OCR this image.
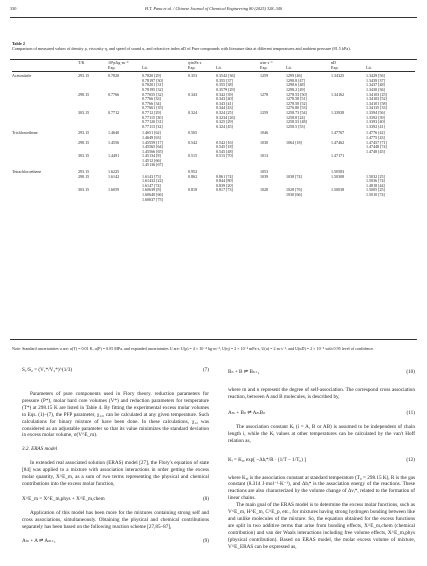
330	H.T. Pana et al. / Chinese Journal of Chemical Engineering 80 (2025) 328–340
Table 2
Comparison of measured values of density ρ, viscosity η, and speed of sound u, and refractive index nD of Pure compounds with literature data at different temperatures and ambient pressure (81.5 kPa).
	T/K	10³ρ/kg·m⁻³		η/mPa·s		u/m·s⁻¹		nD	
		Exp.	Lit.	Exp.	Lit.	Exp.	Lit.	Exp.	Lit.
Acetonitrile	293.15	0.7820	0.7820 [29]	0.353	0.3542 [36]	1259	1299 [46]	1.34325	1.3429 [56]
			0.78197 [30]		0.355 [37]		1298.8 [47]		1.3439 [37]
			0.78201 [31]		0.355 [38]		1298.6 [48]		1.3437 [48]
			0.78195 [32]		0.3579 [29]		1298.2 [49]		1.3430 [36]
	298.15	0.7766	0.77655 [32]	0.343	0.342 [39]	1278	1278.53 [50]	1.34162	1.34103 [25]
			0.7766 [33]		0.343 [40]		1278.58 [51]		1.34103 [52]
			0.7766 [34]		0.343 [41]		1278.50 [52]		1.34101 [58]
			0.77661 [35]		0.344 [43]		1276.80 [53]		1.34135 [33]
	303.15	0.7712	0.7712 [29]	0.324	0.324 [25]	1259	1258.73 [54]	1.33928	1.3394 [56]
			0.77115 [30]		0.3234 [26]		1258.8 [24]		1.3392 [39]
			0.77120 [31]		0.325 [29]		1258.53 [48]		1.3393 [40]
			0.77113 [32]		0.324 [45]		1258.5 [55]		1.3392 [41]
Trichloroethene	293.15	1.4640	1.4651 [62]	0.565		1046		1.47767	1.4776 [42]
			1.4649 [63]						1.4775 [43]
	298.15	1.4556	1.45559 [17]	0.542	0.542 [16]	1030	1064 [18]	1.47462	1.47457 [71]
			1.45565 [64]		0.545 [18]				1.47448 [74]
			1.45566 [65]		0.545 [48]				1.4748 [45]
	303.15	1.4491	1.45134 [8]	0.515	0.515 [70]	1013		1.47171	
			1.4512 [66]						
			1.45136 [67]						
Tetrachloroethene	293.15	1.6225		0.952		1053		1.50583	
	298.15	1.6142	1.6143 [73]	0.862	0.861 [74]	1039	1038 [74]	1.50308	1.5032 [25]
			1.61432 [22]		0.844 [80]				1.5036 [74]
			1.6147 [74]		0.839 [20]				1.4818 [44]
	303.15	1.6059	1.60639 [8]	0.818	0.817 [73]	1028	1028 [76]	1.50038	1.5005 [25]
			1.60640 [66]				1030 [66]		1.5010 [74]
			1.60637 [75]						
Note: Standard uncertainties u are: u(T) = 0.01 K, u(P) = 0.05 MPa, and expanded uncertainties U are: U(ρ) = 4 × 10⁻⁴ kg·m⁻³, U(η) = 2 × 10⁻³ mPa·s, U(u) = 2 m·s⁻¹, and U(nD) = 2 × 10⁻⁵ with 0.95 level of confidence.
S₁/S₂ = (V₁*/V₂*)^(1/3)	(7)

Parameters of pure components used in Flory theory. reduction parameters for pressure (P*), molar hard core volumes (V*) and reduction parameters for temperature (T*) at 298.15 K are listed in Table 4. By fitting the experimental excess molar volumes to Eqs. (1)–(7), the PFP parameter, χ₁₂, can be calculated at any given temperature. Such calculations for binary mixture of have been done. In these calculations, χ₁₂ was considered as an adjustable parameter so that its value minimizes the standard deviation in excess molar volume, σ(V^E_m).

3.2. ERAS model

In extended real associated solution (ERAS) model [27], the Flory's equation of state [84] was applied to a mixture with association interactions in order getting the excess molar quantity, X^E_m, as a sum of two terms representing the physical and chemical contributions into the excess molar function,

X^E_m = X^E_m,phys + X^E_m,chem	(8)

Application of this model has been more for the mixtures containing strong self and cross associations, simultaneously. Obtaining the physical and chemical contributions separately has been based on the following reaction scheme [27,85–87],

Aₘ + A ⇌ Aₘ₊₁	(9)
Bₙ + B ⇌ Bₙ₊₁	(10)

where m and n represent the degree of self-association. The correspond cross association reaction, between A and B molecules, is described by,

Aₘ + Bₙ ⇌ AₘBₙ	(11)

The association constant Kᵢ (i = A, B or AB) is assumed to be independent of chain length i, while the Kᵢ values at other temperatures can be calculated by the van't Hoff relation as,

Kᵢ = K₀ᵢ exp[ −Δhᵢ*/R · (1/T − 1/T₀) ]	(12)

where K₀ᵢ is the association constant at standard temperature (T₀ = 298.15 K), R is the gas constant (8.314 J·mol⁻¹·K⁻¹), and Δhᵢ* is the association energy of the reactions. These reactions are also characterized by the volume change of Δvᵢ*, related to the formation of linear chains.

The main goal of the ERAS model is to determine the excess molar functions, such as V^E_m, H^E_m, C^E_p, etc., for mixtures having strong hydrogen bonding between like and unlike molecules of the mixture. So, the equation obtained for the excess functions are split in two additive terms that arise from bonding effects, X^E_m,chem (chemical contribution) and van der Waals interactions including free volume effects, X^E_m,phys (physical contribution). Based on ERAS model, the molar excess volume of mixture, V^E_ERAS can be expressed as,
